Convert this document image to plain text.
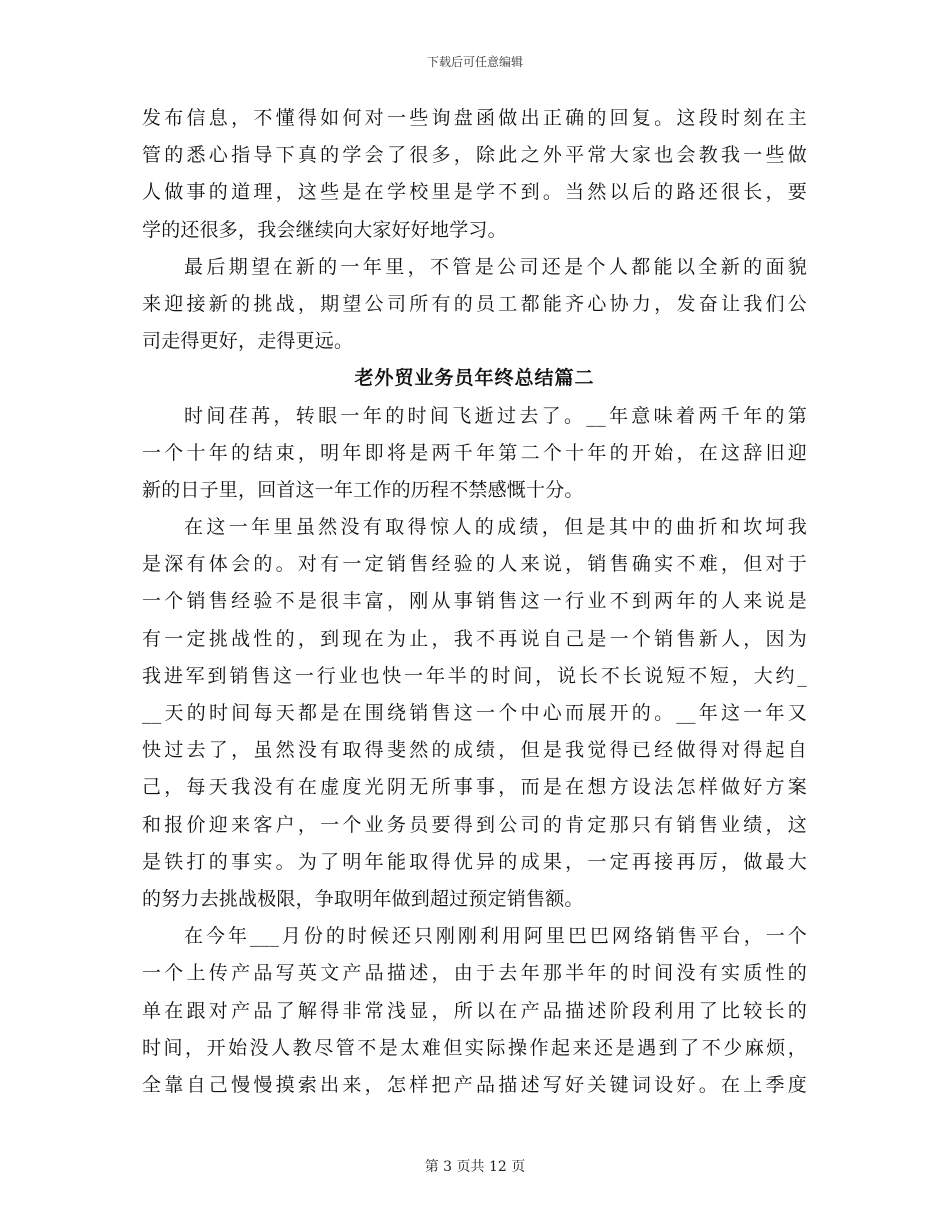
下载后可任意编辑
发布信息，不懂得如何对一些询盘函做出正确的回复。这段时刻在主
管的悉心指导下真的学会了很多，除此之外平常大家也会教我一些做
人做事的道理，这些是在学校里是学不到。当然以后的路还很长，要
学的还很多，我会继续向大家好好地学习。
最后期望在新的一年里，不管是公司还是个人都能以全新的面貌
来迎接新的挑战，期望公司所有的员工都能齐心协力，发奋让我们公
司走得更好，走得更远。
老外贸业务员年终总结篇二
时间荏苒，转眼一年的时间飞逝过去了。__年意味着两千年的第
一个十年的结束，明年即将是两千年第二个十年的开始，在这辞旧迎
新的日子里，回首这一年工作的历程不禁感慨十分。
在这一年里虽然没有取得惊人的成绩，但是其中的曲折和坎坷我
是深有体会的。对有一定销售经验的人来说，销售确实不难，但对于
一个销售经验不是很丰富，刚从事销售这一行业不到两年的人来说是
有一定挑战性的，到现在为止，我不再说自己是一个销售新人，因为
我进军到销售这一行业也快一年半的时间，说长不长说短不短，大约_
__天的时间每天都是在围绕销售这一个中心而展开的。__年这一年又
快过去了，虽然没有取得斐然的成绩，但是我觉得已经做得对得起自
己，每天我没有在虚度光阴无所事事，而是在想方设法怎样做好方案
和报价迎来客户，一个业务员要得到公司的肯定那只有销售业绩，这
是铁打的事实。为了明年能取得优异的成果，一定再接再厉，做最大
的努力去挑战极限，争取明年做到超过预定销售额。
在今年___月份的时候还只刚刚利用阿里巴巴网络销售平台，一个
一个上传产品写英文产品描述，由于去年那半年的时间没有实质性的
单在跟对产品了解得非常浅显，所以在产品描述阶段利用了比较长的
时间，开始没人教尽管不是太难但实际操作起来还是遇到了不少麻烦，
全靠自己慢慢摸索出来，怎样把产品描述写好关键词设好。在上季度
第 3 页共 12 页
